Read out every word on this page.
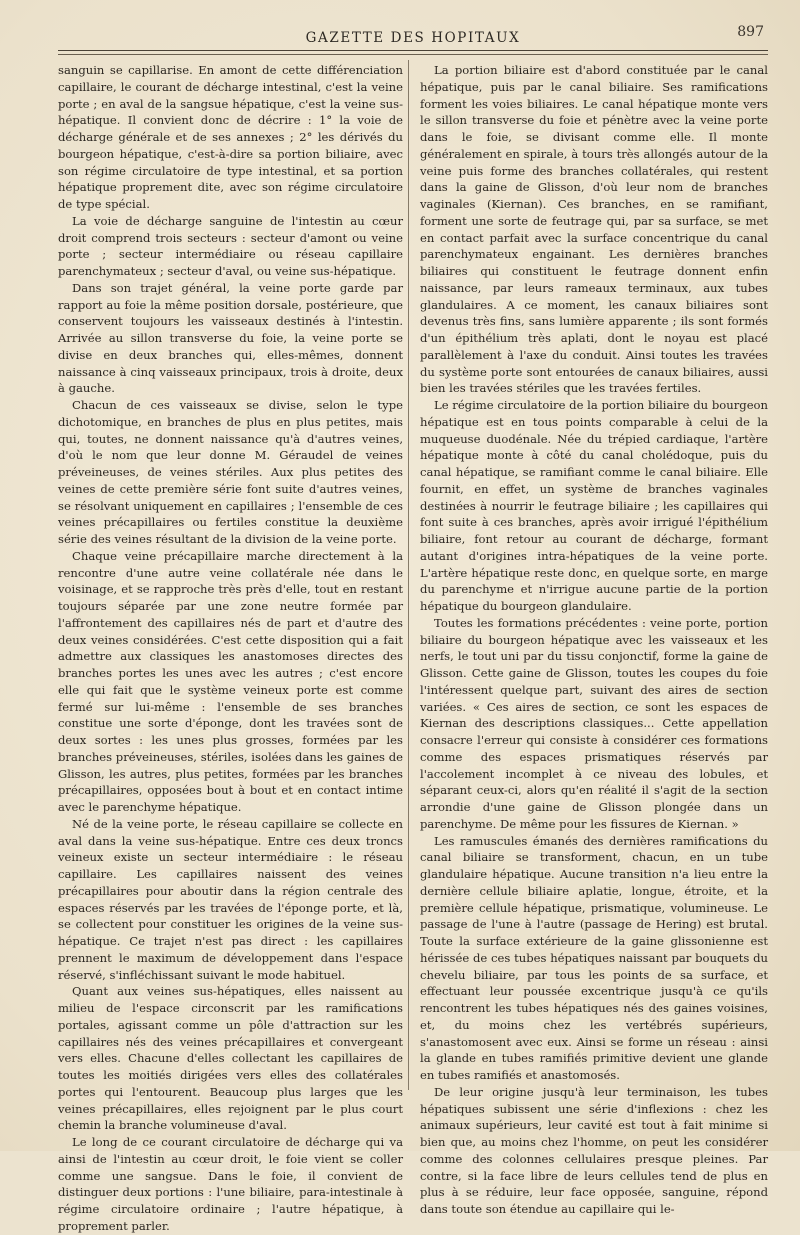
GAZETTE DES HOPITAUX	897

sanguin se capillarise. En amont de cette différenciation capillaire, le courant de décharge intestinal, c'est la veine porte ; en aval de la sangsue hépatique, c'est la veine sus-hépatique. Il convient donc de décrire : 1° la voie de décharge générale et de ses annexes ; 2° les dérivés du bourgeon hépatique, c'est-à-dire sa portion biliaire, avec son régime circulatoire de type intestinal, et sa portion hépatique proprement dite, avec son régime circulatoire de type spécial.

La voie de décharge sanguine de l'intestin au cœur droit comprend trois secteurs : secteur d'amont ou veine porte ; secteur intermédiaire ou réseau capillaire parenchymateux ; secteur d'aval, ou veine sus-hépatique.

Dans son trajet général, la veine porte garde par rapport au foie la même position dorsale, postérieure, que conservent toujours les vaisseaux destinés à l'intestin. Arrivée au sillon transverse du foie, la veine porte se divise en deux branches qui, elles-mêmes, donnent naissance à cinq vaisseaux principaux, trois à droite, deux à gauche.

Chacun de ces vaisseaux se divise, selon le type dichotomique, en branches de plus en plus petites, mais qui, toutes, ne donnent naissance qu'à d'autres veines, d'où le nom que leur donne M. Géraudel de veines préveineuses, de veines stériles. Aux plus petites des veines de cette première série font suite d'autres veines, se résolvant uniquement en capillaires ; l'ensemble de ces veines précapillaires ou fertiles constitue la deuxième série des veines résultant de la division de la veine porte.

Chaque veine précapillaire marche directement à la rencontre d'une autre veine collatérale née dans le voisinage, et se rapproche très près d'elle, tout en restant toujours séparée par une zone neutre formée par l'affrontement des capillaires nés de part et d'autre des deux veines considérées. C'est cette disposition qui a fait admettre aux classiques les anastomoses directes des branches portes les unes avec les autres ; c'est encore elle qui fait que le système veineux porte est comme fermé sur lui-même : l'ensemble de ses branches constitue une sorte d'éponge, dont les travées sont de deux sortes : les unes plus grosses, formées par les branches préveineuses, stériles, isolées dans les gaines de Glisson, les autres, plus petites, formées par les branches précapillaires, opposées bout à bout et en contact intime avec le parenchyme hépatique.

Né de la veine porte, le réseau capillaire se collecte en aval dans la veine sus-hépatique. Entre ces deux troncs veineux existe un secteur intermédiaire : le réseau capillaire. Les capillaires naissent des veines précapillaires pour aboutir dans la région centrale des espaces réservés par les travées de l'éponge porte, et là, se collectent pour constituer les origines de la veine sus-hépatique. Ce trajet n'est pas direct : les capillaires prennent le maximum de développement dans l'espace réservé, s'infléchissant suivant le mode habituel.

Quant aux veines sus-hépatiques, elles naissent au milieu de l'espace circonscrit par les ramifications portales, agissant comme un pôle d'attraction sur les capillaires nés des veines précapillaires et convergeant vers elles. Chacune d'elles collectant les capillaires de toutes les moitiés dirigées vers elles des collatérales portes qui l'entourent. Beaucoup plus larges que les veines précapillaires, elles rejoignent par le plus court chemin la branche volumineuse d'aval.

Le long de ce courant circulatoire de décharge qui va ainsi de l'intestin au cœur droit, le foie vient se coller comme une sangsue. Dans le foie, il convient de distinguer deux portions : l'une biliaire, para-intestinale à régime circulatoire ordinaire ; l'autre hépatique, à proprement parler.

La portion biliaire est d'abord constituée par le canal hépatique, puis par le canal biliaire. Ses ramifications forment les voies biliaires. Le canal hépatique monte vers le sillon transverse du foie et pénètre avec la veine porte dans le foie, se divisant comme elle. Il monte généralement en spirale, à tours très allongés autour de la veine puis forme des branches collatérales, qui restent dans la gaine de Glisson, d'où leur nom de branches vaginales (Kiernan). Ces branches, en se ramifiant, forment une sorte de feutrage qui, par sa surface, se met en contact parfait avec la surface concentrique du canal parenchymateux engainant. Les dernières branches biliaires qui constituent le feutrage donnent enfin naissance, par leurs rameaux terminaux, aux tubes glandulaires. A ce moment, les canaux biliaires sont devenus très fins, sans lumière apparente ; ils sont formés d'un épithélium très aplati, dont le noyau est placé parallèlement à l'axe du conduit. Ainsi toutes les travées du système porte sont entourées de canaux biliaires, aussi bien les travées stériles que les travées fertiles.

Le régime circulatoire de la portion biliaire du bourgeon hépatique est en tous points comparable à celui de la muqueuse duodénale. Née du trépied cardiaque, l'artère hépatique monte à côté du canal cholédoque, puis du canal hépatique, se ramifiant comme le canal biliaire. Elle fournit, en effet, un système de branches vaginales destinées à nourrir le feutrage biliaire ; les capillaires qui font suite à ces branches, après avoir irrigué l'épithélium biliaire, font retour au courant de décharge, formant autant d'origines intra-hépatiques de la veine porte. L'artère hépatique reste donc, en quelque sorte, en marge du parenchyme et n'irrigue aucune partie de la portion hépatique du bourgeon glandulaire.

Toutes les formations précédentes : veine porte, portion biliaire du bourgeon hépatique avec les vaisseaux et les nerfs, le tout uni par du tissu conjonctif, forme la gaine de Glisson. Cette gaine de Glisson, toutes les coupes du foie l'intéressent quelque part, suivant des aires de section variées. « Ces aires de section, ce sont les espaces de Kiernan des descriptions classiques... Cette appellation consacre l'erreur qui consiste à considérer ces formations comme des espaces prismatiques réservés par l'accolement incomplet à ce niveau des lobules, et séparant ceux-ci, alors qu'en réalité il s'agit de la section arrondie d'une gaine de Glisson plongée dans un parenchyme. De même pour les fissures de Kiernan. »

Les ramuscules émanés des dernières ramifications du canal biliaire se transforment, chacun, en un tube glandulaire hépatique. Aucune transition n'a lieu entre la dernière cellule biliaire aplatie, longue, étroite, et la première cellule hépatique, prismatique, volumineuse. Le passage de l'une à l'autre (passage de Hering) est brutal. Toute la surface extérieure de la gaine glissonienne est hérissée de ces tubes hépatiques naissant par bouquets du chevelu biliaire, par tous les points de sa surface, et effectuant leur poussée excentrique jusqu'à ce qu'ils rencontrent les tubes hépatiques nés des gaines voisines, et, du moins chez les vertébrés supérieurs, s'anastomosent avec eux. Ainsi se forme un réseau : ainsi la glande en tubes ramifiés primitive devient une glande en tubes ramifiés et anastomosés.

De leur origine jusqu'à leur terminaison, les tubes hépatiques subissent une série d'inflexions : chez les animaux supérieurs, leur cavité est tout à fait minime si bien que, au moins chez l'homme, on peut les considérer comme des colonnes cellulaires presque pleines. Par contre, si la face libre de leurs cellules tend de plus en plus à se réduire, leur face opposée, sanguine, répond dans toute son étendue au capillaire qui le-
